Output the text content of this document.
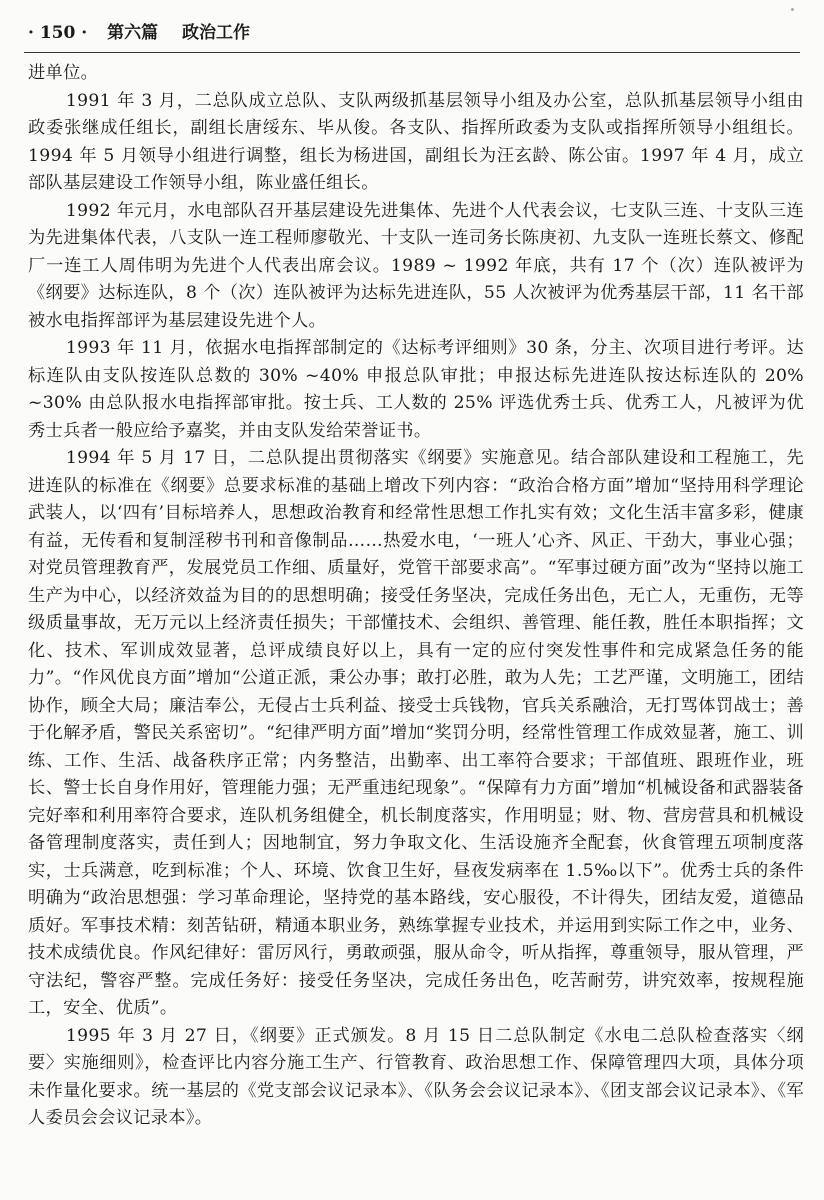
· 150 · 第六篇 政治工作

进单位。

1991 年 3 月，二总队成立总队、支队两级抓基层领导小组及办公室，总队抓基层领导小组由政委张继成任组长，副组长唐绥东、毕从俊。各支队、指挥所政委为支队或指挥所领导小组组长。1994 年 5 月领导小组进行调整，组长为杨进国，副组长为汪玄龄、陈公宙。1997 年 4 月，成立部队基层建设工作领导小组，陈业盛任组长。

1992 年元月，水电部队召开基层建设先进集体、先进个人代表会议，七支队三连、十支队三连为先进集体代表，八支队一连工程师廖敬光、十支队一连司务长陈庚初、九支队一连班长蔡文、修配厂一连工人周伟明为先进个人代表出席会议。1989 ~ 1992 年底，共有 17 个（次）连队被评为《纲要》达标连队，8 个（次）连队被评为达标先进连队，55 人次被评为优秀基层干部，11 名干部被水电指挥部评为基层建设先进个人。

1993 年 11 月，依据水电指挥部制定的《达标考评细则》30 条，分主、次项目进行考评。达标连队由支队按连队总数的 30% ~40% 申报总队审批；申报达标先进连队按达标连队的 20% ~30% 由总队报水电指挥部审批。按士兵、工人数的 25% 评选优秀士兵、优秀工人，凡被评为优秀士兵者一般应给予嘉奖，并由支队发给荣誉证书。

1994 年 5 月 17 日，二总队提出贯彻落实《纲要》实施意见。结合部队建设和工程施工，先进连队的标准在《纲要》总要求标准的基础上增改下列内容：“政治合格方面”增加“坚持用科学理论武装人，以‘四有’目标培养人，思想政治教育和经常性思想工作扎实有效；文化生活丰富多彩，健康有益，无传看和复制淫秽书刊和音像制品……热爱水电，‘一班人’心齐、风正、干劲大，事业心强；对党员管理教育严，发展党员工作细、质量好，党管干部要求高”。“军事过硬方面”改为“坚持以施工生产为中心，以经济效益为目的的思想明确；接受任务坚决，完成任务出色，无亡人，无重伤，无等级质量事故，无万元以上经济责任损失；干部懂技术、会组织、善管理、能任教，胜任本职指挥；文化、技术、军训成效显著，总评成绩良好以上，具有一定的应付突发性事件和完成紧急任务的能力”。“作风优良方面”增加“公道正派，秉公办事；敢打必胜，敢为人先；工艺严谨，文明施工，团结协作，顾全大局；廉洁奉公，无侵占士兵利益、接受士兵钱物，官兵关系融洽，无打骂体罚战士；善于化解矛盾，警民关系密切”。“纪律严明方面”增加“奖罚分明，经常性管理工作成效显著，施工、训练、工作、生活、战备秩序正常；内务整洁，出勤率、出工率符合要求；干部值班、跟班作业，班长、警士长自身作用好，管理能力强；无严重违纪现象”。“保障有力方面”增加“机械设备和武器装备完好率和利用率符合要求，连队机务组健全，机长制度落实，作用明显；财、物、营房营具和机械设备管理制度落实，责任到人；因地制宜，努力争取文化、生活设施齐全配套，伙食管理五项制度落实，士兵满意，吃到标准；个人、环境、饮食卫生好，昼夜发病率在 1.5‰以下”。优秀士兵的条件明确为“政治思想强：学习革命理论，坚持党的基本路线，安心服役，不计得失，团结友爱，道德品质好。军事技术精：刻苦钻研，精通本职业务，熟练掌握专业技术，并运用到实际工作之中，业务、技术成绩优良。作风纪律好：雷厉风行，勇敢顽强，服从命令，听从指挥，尊重领导，服从管理，严守法纪，警容严整。完成任务好：接受任务坚决，完成任务出色，吃苦耐劳，讲究效率，按规程施工，安全、优质”。

1995 年 3 月 27 日，《纲要》正式颁发。8 月 15 日二总队制定《水电二总队检查落实〈纲要〉实施细则》，检查评比内容分施工生产、行管教育、政治思想工作、保障管理四大项，具体分项未作量化要求。统一基层的《党支部会议记录本》、《队务会会议记录本》、《团支部会议记录本》、《军人委员会会议记录本》。
